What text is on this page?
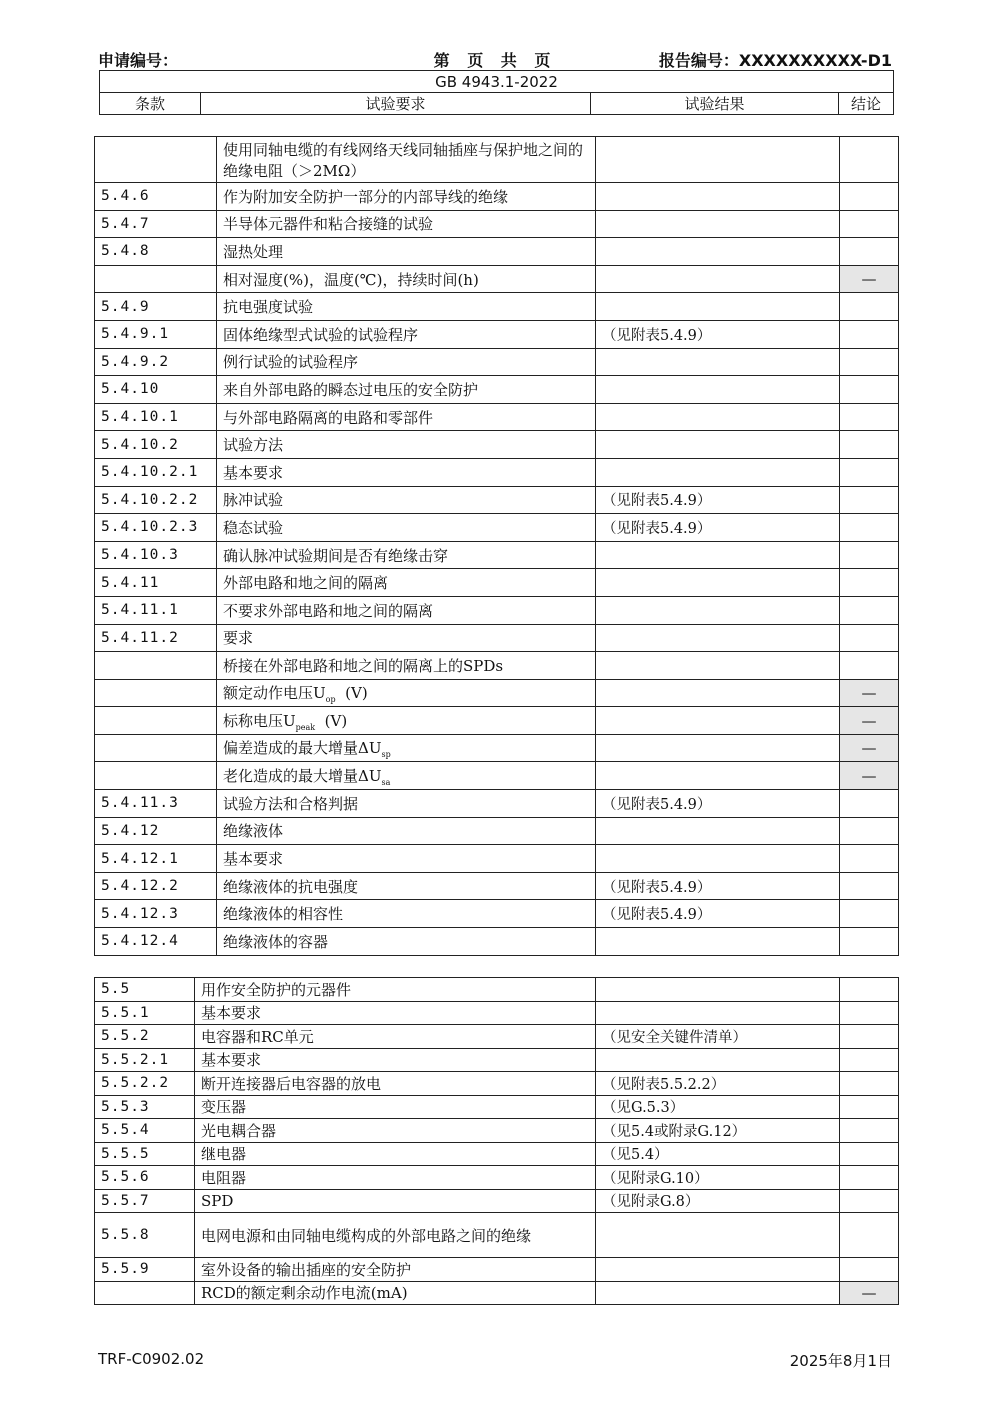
申请编号：	第 页 共 页	报告编号：XXXXXXXXXX-D1
GB 4943.1-2022
条款	试验要求	试验结果	结论
	使用同轴电缆的有线网络天线同轴插座与保护地之间的绝缘电阻（＞2MΩ）		
5.4.6	作为附加安全防护一部分的内部导线的绝缘		
5.4.7	半导体元器件和粘合接缝的试验		
5.4.8	湿热处理		
	相对湿度(%)，温度(℃)，持续时间(h)		—
5.4.9	抗电强度试验		
5.4.9.1	固体绝缘型式试验的试验程序	（见附表5.4.9）	
5.4.9.2	例行试验的试验程序		
5.4.10	来自外部电路的瞬态过电压的安全防护		
5.4.10.1	与外部电路隔离的电路和零部件		
5.4.10.2	试验方法		
5.4.10.2.1	基本要求		
5.4.10.2.2	脉冲试验	（见附表5.4.9）	
5.4.10.2.3	稳态试验	（见附表5.4.9）	
5.4.10.3	确认脉冲试验期间是否有绝缘击穿		
5.4.11	外部电路和地之间的隔离		
5.4.11.1	不要求外部电路和地之间的隔离		
5.4.11.2	要求		
	桥接在外部电路和地之间的隔离上的SPDs		
	额定动作电压$U_{op}$  (V)		—
	标称电压$U_{peak}$  (V)		—
	偏差造成的最大增量$\Delta U_{sp}$		—
	老化造成的最大增量$\Delta U_{sa}$		—
5.4.11.3	试验方法和合格判据	（见附表5.4.9）	
5.4.12	绝缘液体		
5.4.12.1	基本要求		
5.4.12.2	绝缘液体的抗电强度	（见附表5.4.9）	
5.4.12.3	绝缘液体的相容性	（见附表5.4.9）	
5.4.12.4	绝缘液体的容器		
5.5	用作安全防护的元器件		
5.5.1	基本要求		
5.5.2	电容器和RC单元	（见安全关键件清单）	
5.5.2.1	基本要求		
5.5.2.2	断开连接器后电容器的放电	（见附表5.5.2.2）	
5.5.3	变压器	（见G.5.3）	
5.5.4	光电耦合器	（见5.4或附录G.12）	
5.5.5	继电器	（见5.4）	
5.5.6	电阻器	（见附录G.10）	
5.5.7	SPD	（见附录G.8）	
5.5.8	电网电源和由同轴电缆构成的外部电路之间的绝缘		
5.5.9	室外设备的输出插座的安全防护		
	RCD的额定剩余动作电流(mA)		—
TRF-C0902.02	2025年8月1日
